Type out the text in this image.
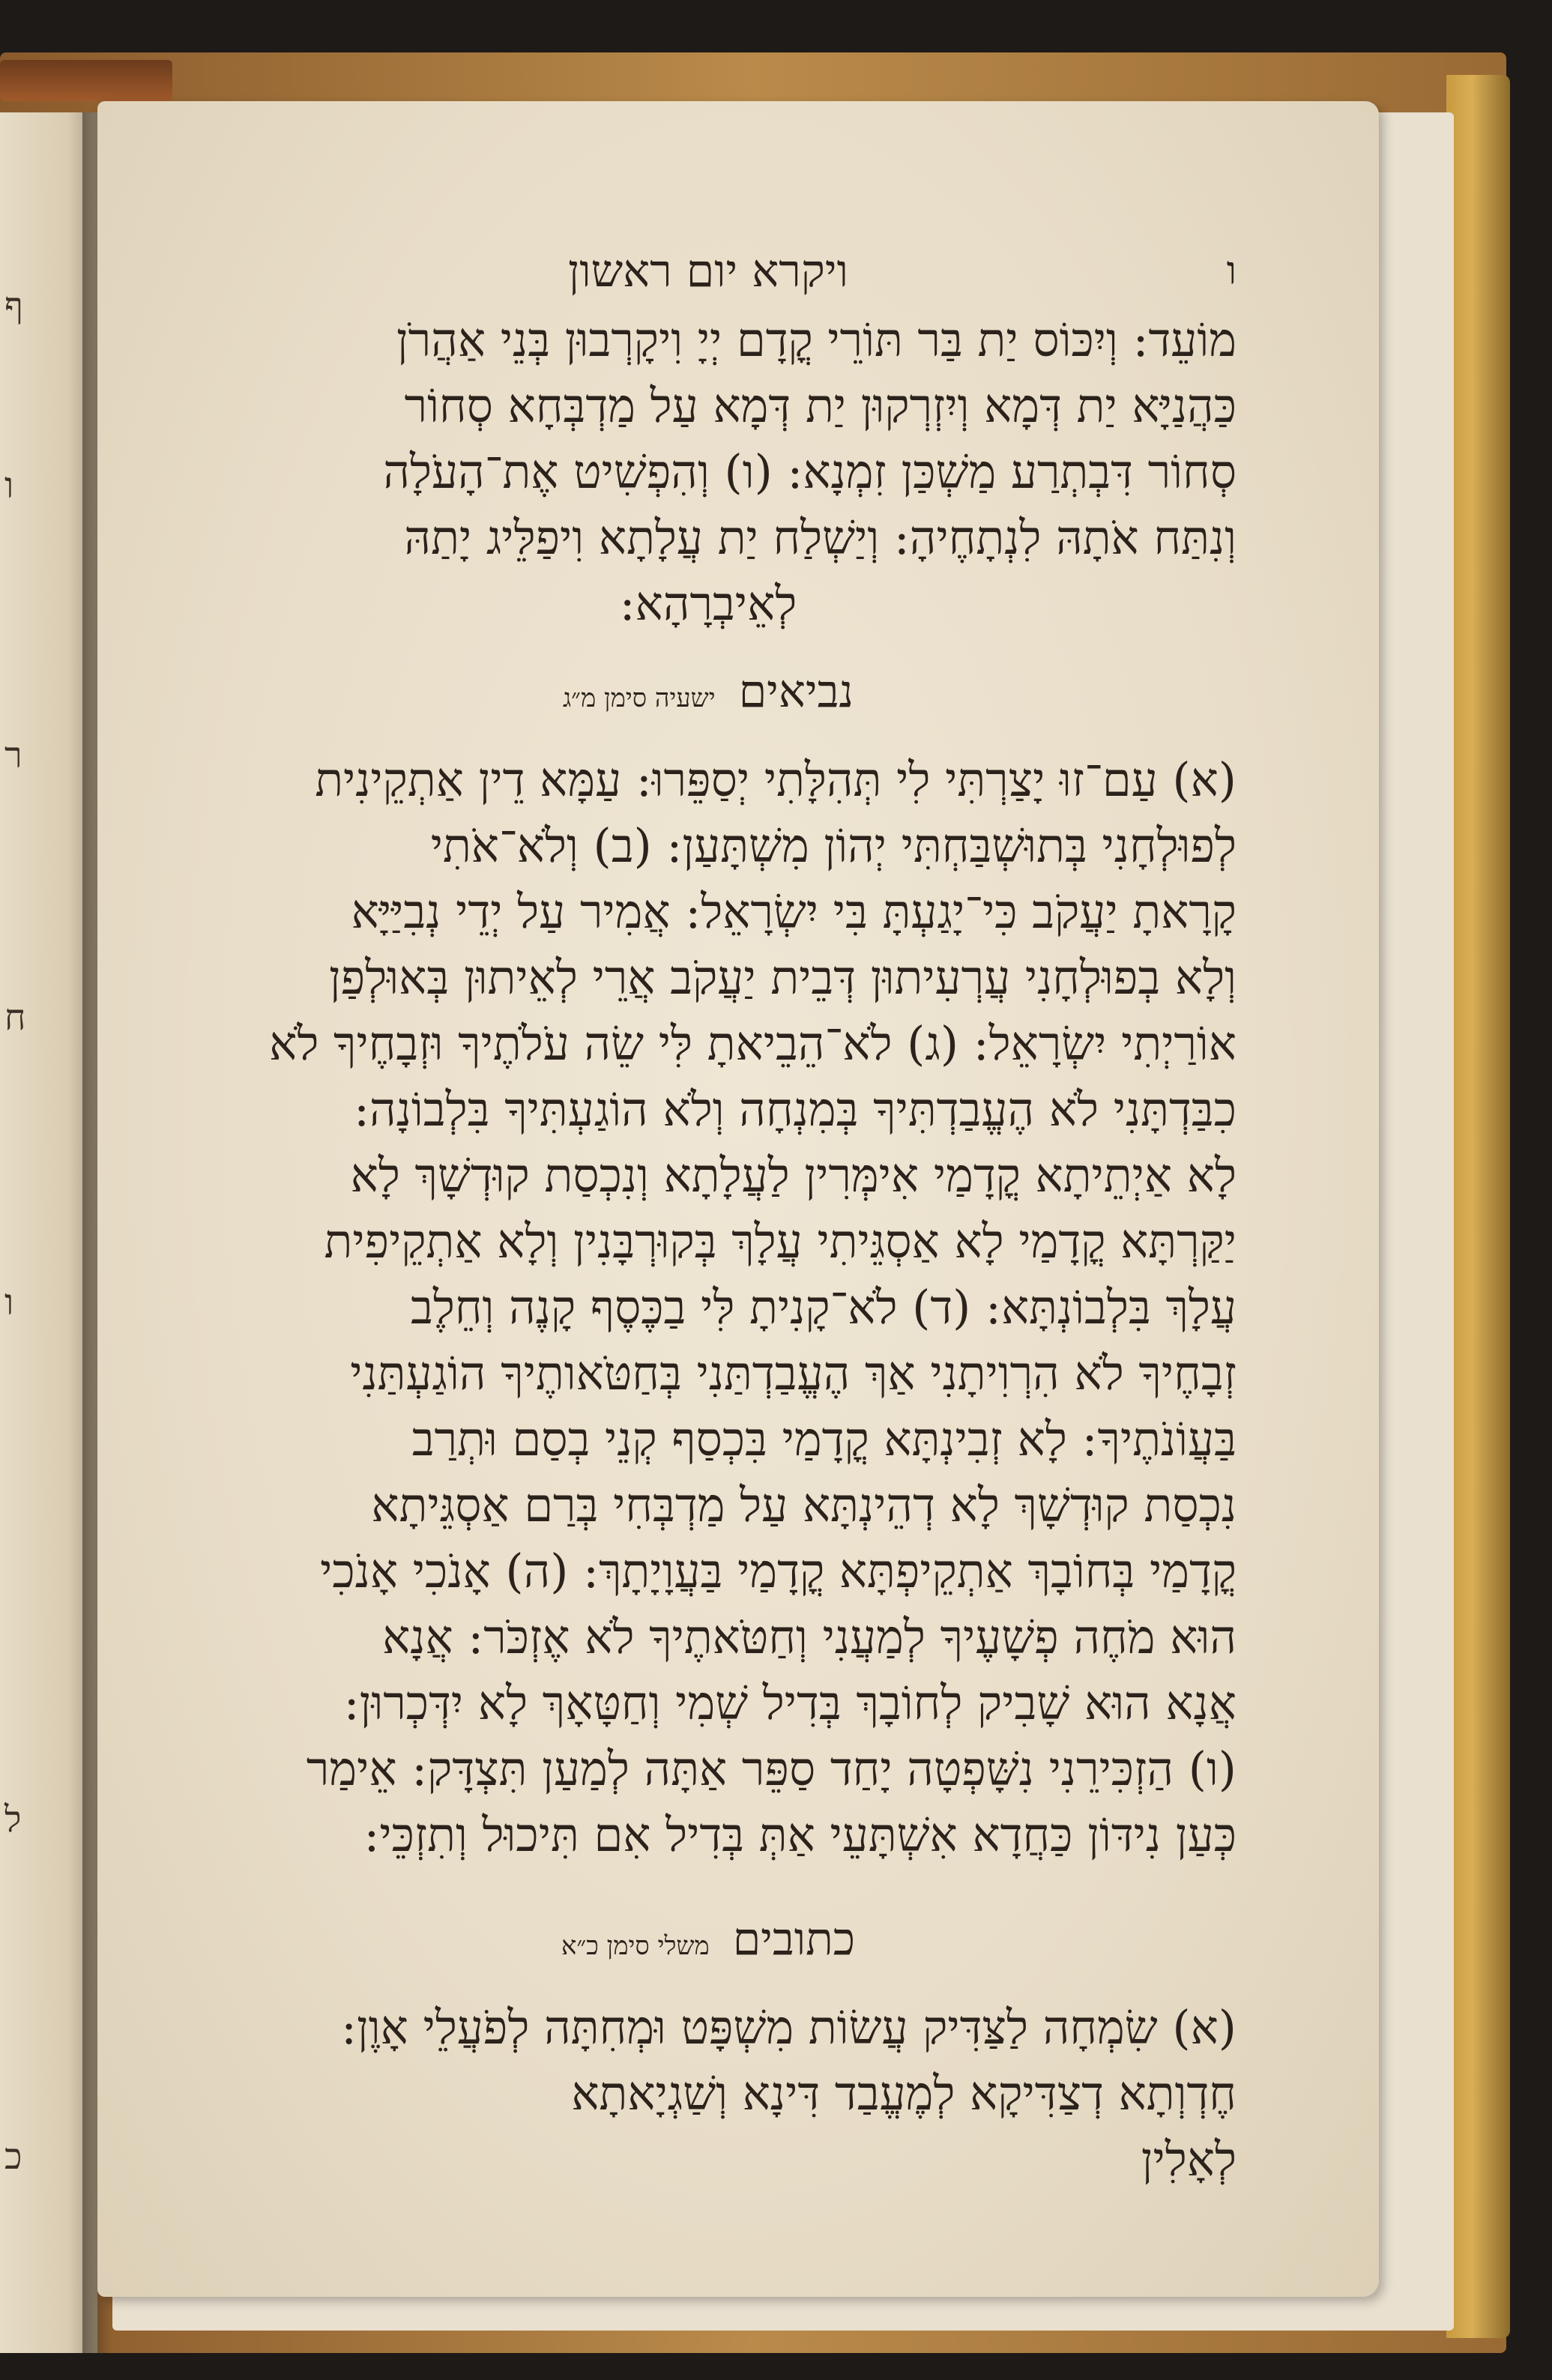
ף
ו
ר
ח
ו
ל
כ
ו
ויקרא יום ראשון

מוֹעֵד: וְיִכּוֹס יַת בַּר תּוֹרֵי קֳדָם יְיָ וִיקָרְבוּן בְּנֵי אַהֲרֹן
כַּהֲנַיָּא יַת דְּמָא וְיִזְרְקוּן יַת דְּמָא עַל מַדְבְּחָא סְחוֹר
סְחוֹר דִּבְתְרַע מַשְׁכַּן זִמְנָא: (ו) וְהִפְשִׁיט אֶת־הָעֹלָה
וְנִתַּח אֹתָהּ לִנְתָחֶיהָ: וְיַשְׁלַח יַת עֲלָתָא וִיפַלֵּיג יָתַהּ
לְאֵיבְרָהָא:

נביאים ישעיה סימן מ״ג

(א) עַם־זוּ יָצַרְתִּי לִי תְּהִלָּתִי יְסַפֵּרוּ: עַמָּא דֵין אַתְקֵינִית
לְפוּלְחָנִי בְּתוּשְׁבַּחְתִּי יְהוֹן מִשְׁתָּעַן: (ב) וְלֹא־אֹתִי
קָרָאתָ יַעֲקֹב כִּי־יָגַעְתָּ בִּי יִשְׂרָאֵל: אֲמִיר עַל יְדֵי נְבִיַּיָּא
וְלָא בְפוּלְחָנִי עֲרְעִיתוּן דְּבֵית יַעֲקֹב אֲרֵי לְאֵיתוּן בְּאוּלְפַן
אוֹרַיְתִי יִשְׂרָאֵל: (ג) לֹא־הֵבֵיאתָ לִּי שֵׂה עֹלֹתֶיךָ וּזְבָחֶיךָ לֹא
כִבַּדְתָּנִי לֹא הֶעֱבַדְתִּיךָ בְּמִנְחָה וְלֹא הוֹגַעְתִּיךָ בִּלְבוֹנָה:
לָא אַיְתֵיתָא קֳדָמַי אִימְּרִין לַעֲלָתָא וְנִכְסַת קוּדְשָׁךְ לָא
יַקַּרְתָּא קֳדָמַי לָא אַסְגֵּיתִי עֲלָךְ בְּקוּרְבָּנִין וְלָא אַתְקֵיפִית
עֲלָךְ בִּלְבוֹנְתָּא: (ד) לֹא־קָנִיתָ לִּי בַכֶּסֶף קָנֶה וְחֵלֶב
זְבָחֶיךָ לֹא הִרְוִיתָנִי אַךְ הֶעֱבַדְתַּנִי בְּחַטֹּאותֶיךָ הוֹגַעְתַּנִי
בַּעֲוֹנֹתֶיךָ: לָא זְבִינְתָּא קֳדָמַי בִּכְסַף קְנֵי בְסַם וּתְרַב
נִכְסַת קוּדְשָׁךְ לָא דְהֵינְתָּא עַל מַדְבְּחִי בְּרַם אַסְגֵּיתָא
קֳדָמַי בְּחוֹבָךְ אַתְקֵיפְתָּא קֳדָמַי בַּעֲוָיָתָךְ: (ה) אָנֹכִי אָנֹכִי
הוּא מֹחֶה פְשָׁעֶיךָ לְמַעֲנִי וְחַטֹּאתֶיךָ לֹא אֶזְכֹּר: אֲנָא
אֲנָא הוּא שָׁבִיק לְחוֹבָךְ בְּדִיל שְׁמִי וְחַטָּאָךְ לָא יִדְּכְרוּן:
(ו) הַזְכִּירֵנִי נִשָּׁפְטָה יָחַד סַפֵּר אַתָּה לְמַעַן תִּצְדָּק: אֵימַר
כְּעַן נִידּוֹן כַּחֲדָא אִשְׁתָּעֵי אַתְּ בְּדִיל אִם תִּיכוּל וְתִזְכֵּי:

כתובים משלי סימן כ״א

(א) שִׂמְחָה לַצַּדִּיק עֲשׂוֹת מִשְׁפָּט וּמְחִתָּה לְפֹעֲלֵי אָוֶן:
חֶדְוְתָא דְצַדִּיקָא לְמֶעֱבַד דִּינָא וְשַׁגְיָאתָא
לְאָלִין
